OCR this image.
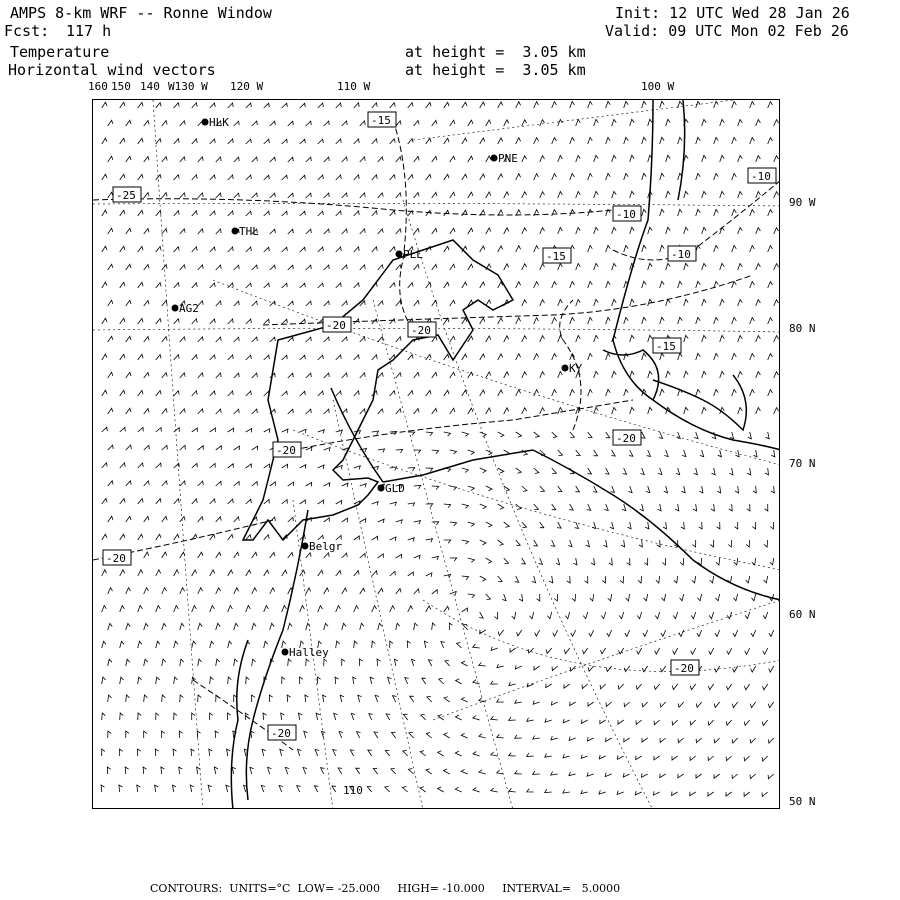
AMPS 8-km WRF -- Ronne Window
Fcst: 117 h
Temperature
Horizontal wind vectors
at height =  3.05 km
at height =  3.05 km
Init: 12 UTC Wed 28 Jan 26
Valid: 09 UTC Mon 02 Feb 26
160 150 140 W130 W 120 W	110 W	100 W
90 W
80 N
70 N
60 N
50 N
HLK
PNE
THL
PLL
AG2
KY
GLD
Belgr
Halley
-15
-25
-10
-10
-15
-10
-20	-20
-15
-20
-20
-20
-20
-20
110
CONTOURS:  UNITS=°C  LOW= -25.000     HIGH= -10.000     INTERVAL=   5.0000
